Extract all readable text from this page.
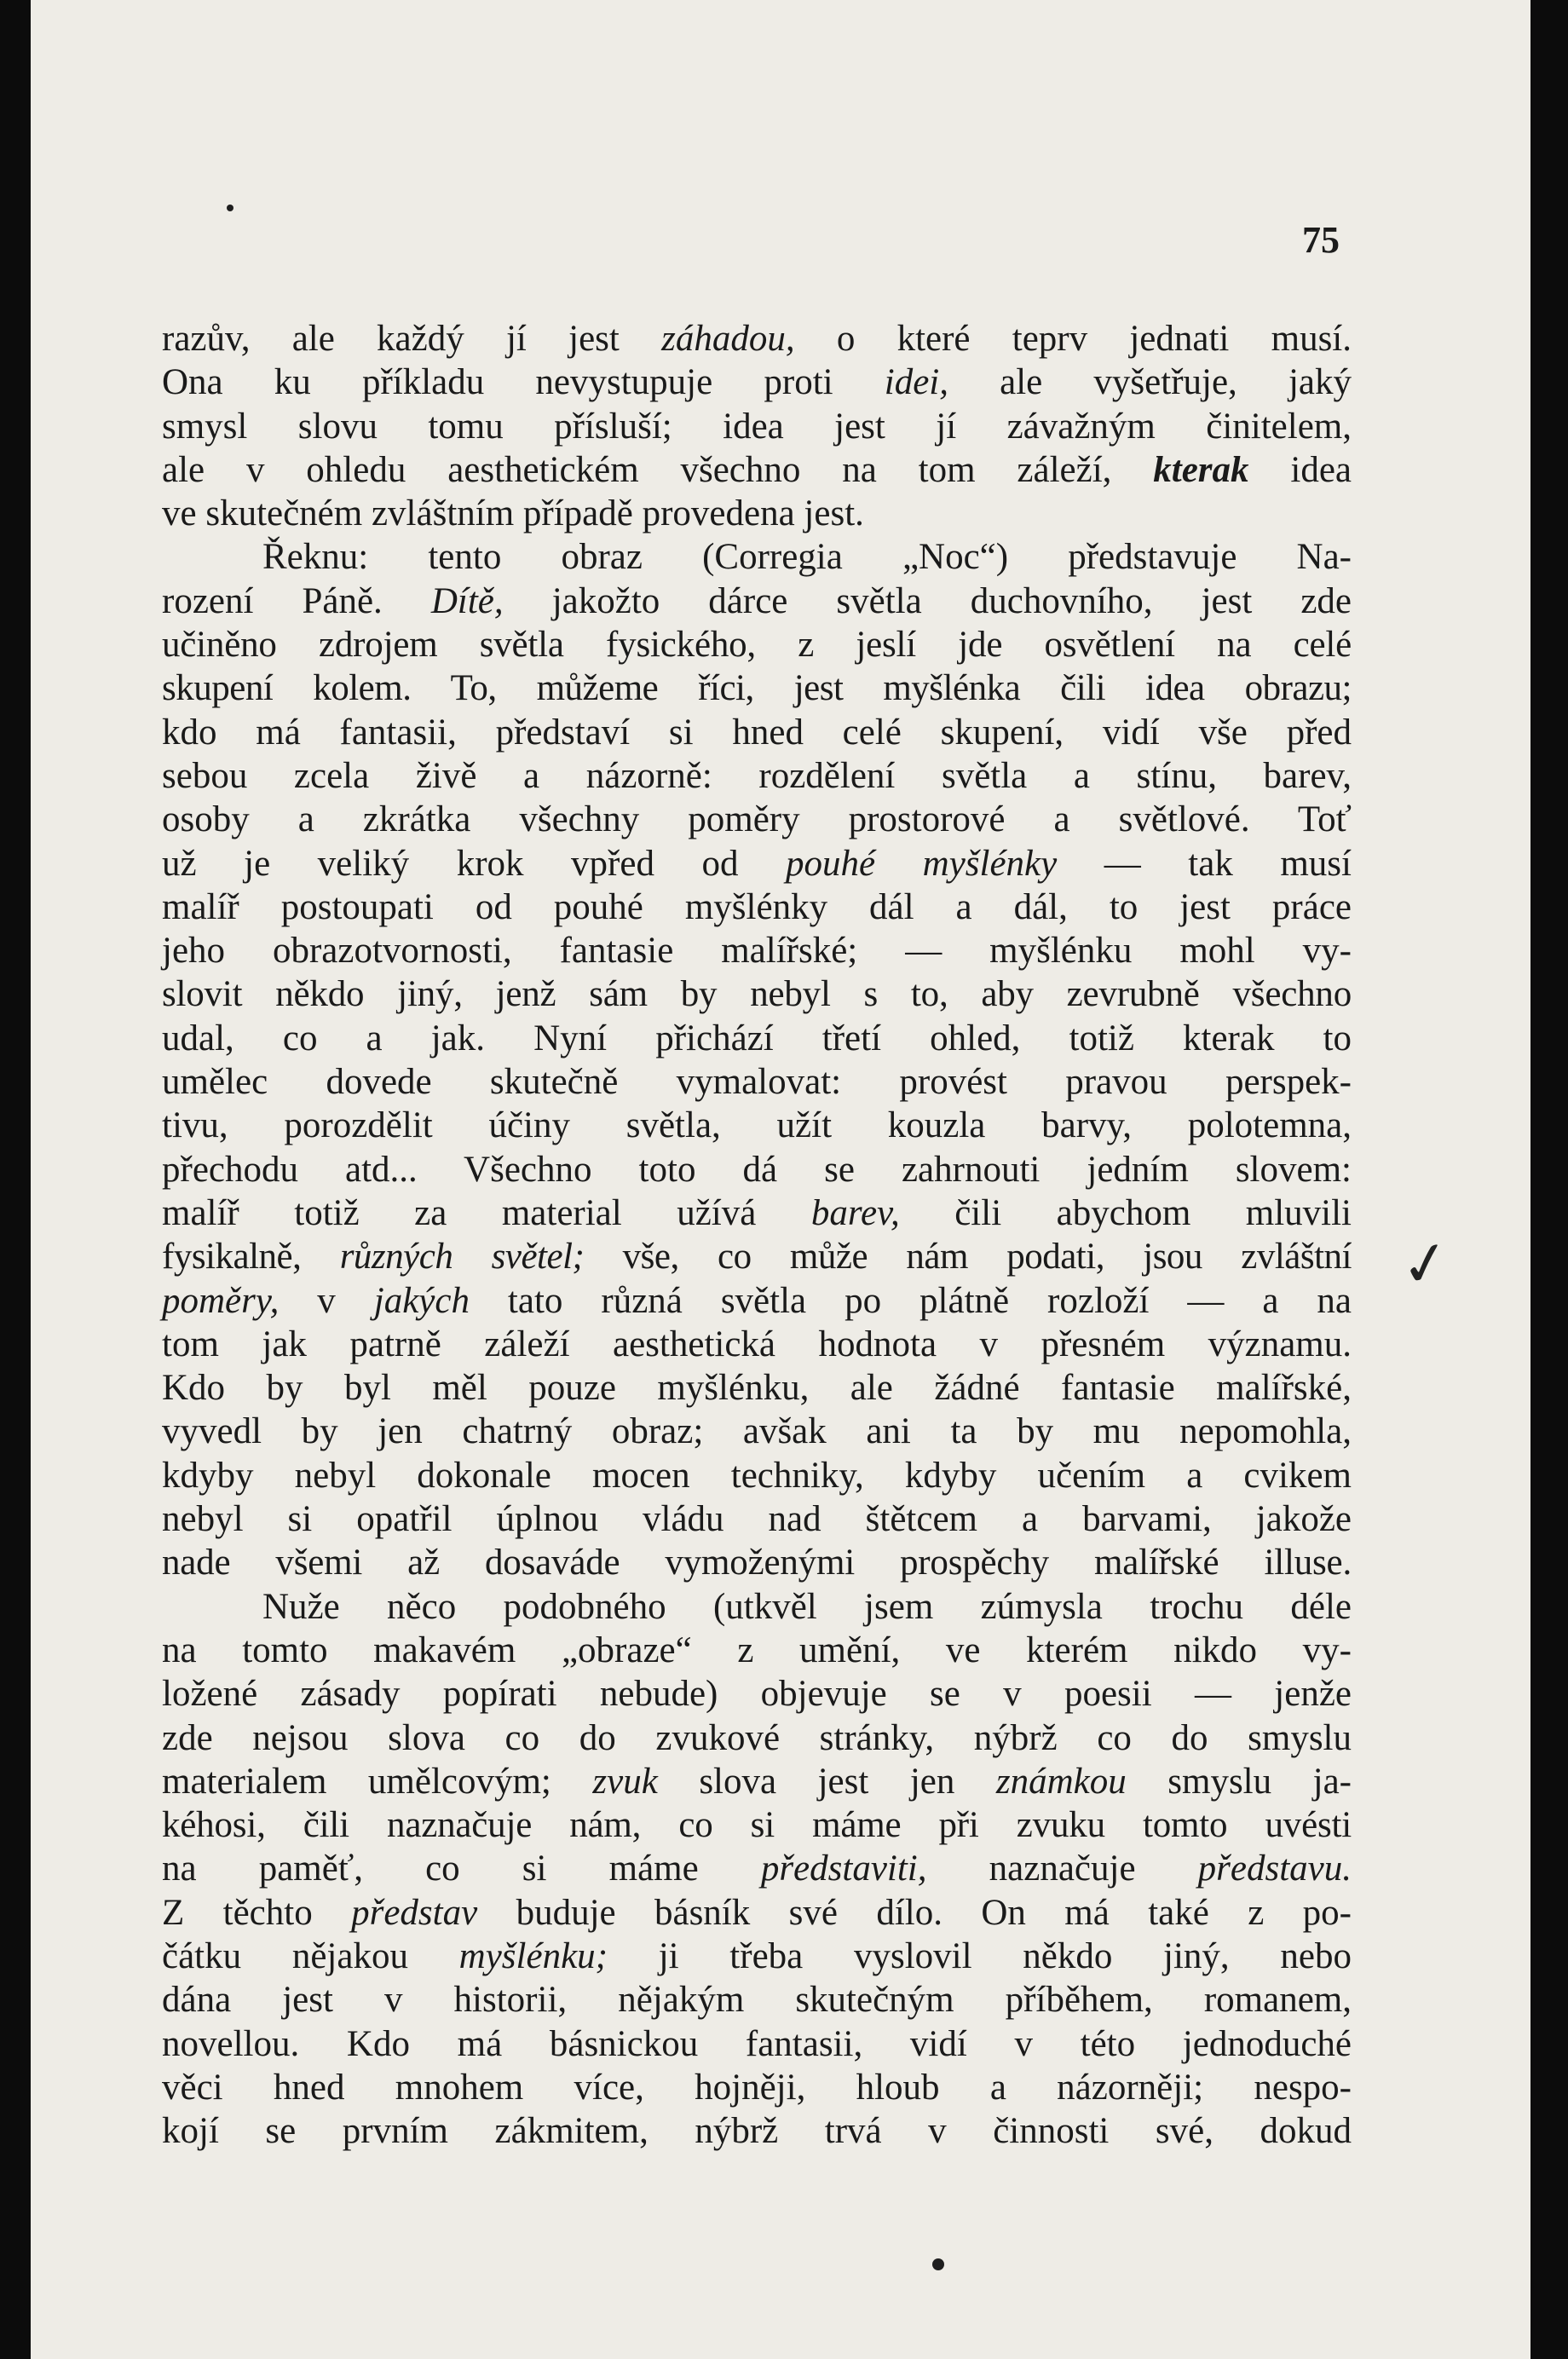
75
razův, ale každý jí jest záhadou, o které teprv jednati musí.
Ona ku příkladu nevystupuje proti idei, ale vyšetřuje, jaký
smysl slovu tomu přísluší; idea jest jí závažným činitelem,
ale v ohledu aesthetickém všechno na tom záleží, kterak idea
ve skutečném zvláštním případě provedena jest.
Řeknu: tento obraz (Corregia „Noc“) představuje Na-
rození Páně. Dítě, jakožto dárce světla duchovního, jest zde
učiněno zdrojem světla fysického, z jeslí jde osvětlení na celé
skupení kolem. To, můžeme říci, jest myšlénka čili idea obrazu;
kdo má fantasii, představí si hned celé skupení, vidí vše před
sebou zcela živě a názorně: rozdělení světla a stínu, barev,
osoby a zkrátka všechny poměry prostorové a světlové. Toť
už je veliký krok vpřed od pouhé myšlénky — tak musí
malíř postoupati od pouhé myšlénky dál a dál, to jest práce
jeho obrazotvornosti, fantasie malířské; — myšlénku mohl vy-
slovit někdo jiný, jenž sám by nebyl s to, aby zevrubně všechno
udal, co a jak. Nyní přichází třetí ohled, totiž kterak to
umělec dovede skutečně vymalovat: provést pravou perspek-
tivu, porozdělit účiny světla, užít kouzla barvy, polotemna,
přechodu atd... Všechno toto dá se zahrnouti jedním slovem:
malíř totiž za material užívá barev, čili abychom mluvili
fysikalně, různých světel; vše, co může nám podati, jsou zvláštní
poměry, v jakých tato různá světla po plátně rozloží — a na
tom jak patrně záleží aesthetická hodnota v přesném významu.
Kdo by byl měl pouze myšlénku, ale žádné fantasie malířské,
vyvedl by jen chatrný obraz; avšak ani ta by mu nepomohla,
kdyby nebyl dokonale mocen techniky, kdyby učením a cvikem
nebyl si opatřil úplnou vládu nad štětcem a barvami, jakože
nade všemi až dosaváde vymoženými prospěchy malířské illuse.
Nuže něco podobného (utkvěl jsem zúmysla trochu déle
na tomto makavém „obraze“ z umění, ve kterém nikdo vy-
ložené zásady popírati nebude) objevuje se v poesii — jenže
zde nejsou slova co do zvukové stránky, nýbrž co do smyslu
materialem umělcovým; zvuk slova jest jen známkou smyslu ja-
kéhosi, čili naznačuje nám, co si máme při zvuku tomto uvésti
na paměť, co si máme představiti, naznačuje představu.
Z těchto představ buduje básník své dílo. On má také z po-
čátku nějakou myšlénku; ji třeba vyslovil někdo jiný, nebo
dána jest v historii, nějakým skutečným příběhem, romanem,
novellou. Kdo má básnickou fantasii, vidí v této jednoduché
věci hned mnohem více, hojněji, hloub a názorněji; nespo-
kojí se prvním zákmitem, nýbrž trvá v činnosti své, dokud
✓
